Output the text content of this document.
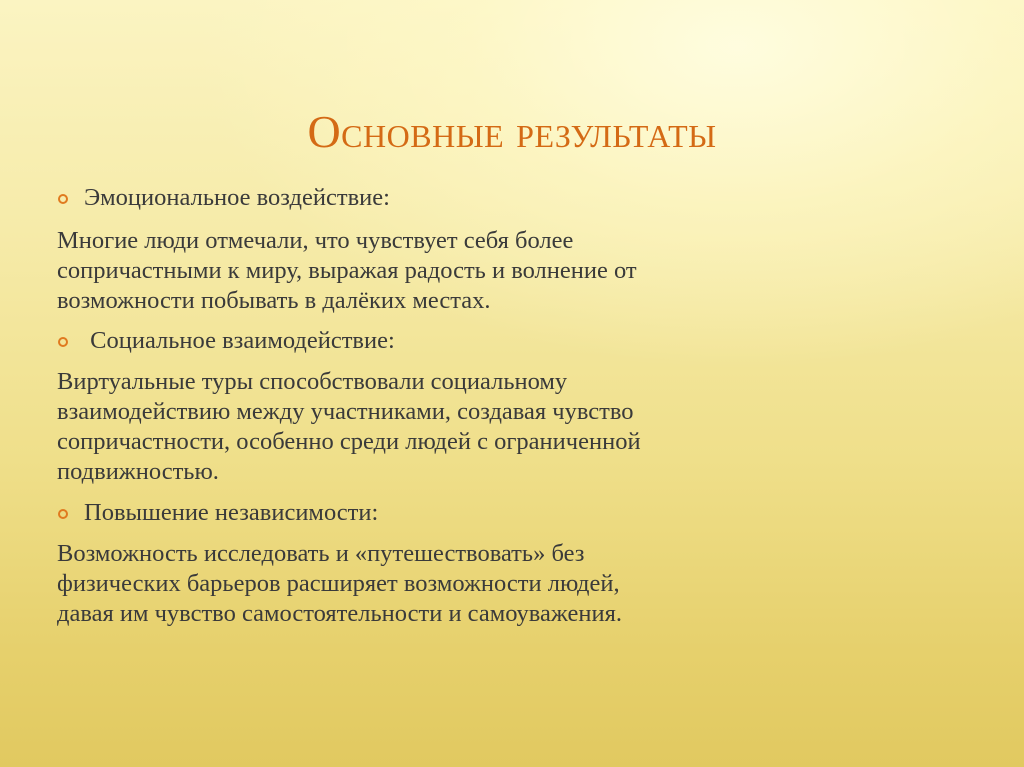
Основные результаты
Эмоциональное воздействие:

Многие люди отмечали, что чувствует себя более
сопричастными к миру, выражая радость и волнение от
возможности побывать в далёких местах.

Социальное взаимодействие:

Виртуальные туры способствовали социальному
взаимодействию между участниками, создавая чувство
сопричастности, особенно среди людей с ограниченной
подвижностью.

Повышение независимости:

Возможность исследовать и «путешествовать» без
физических барьеров расширяет возможности людей,
давая им чувство самостоятельности и самоуважения.
